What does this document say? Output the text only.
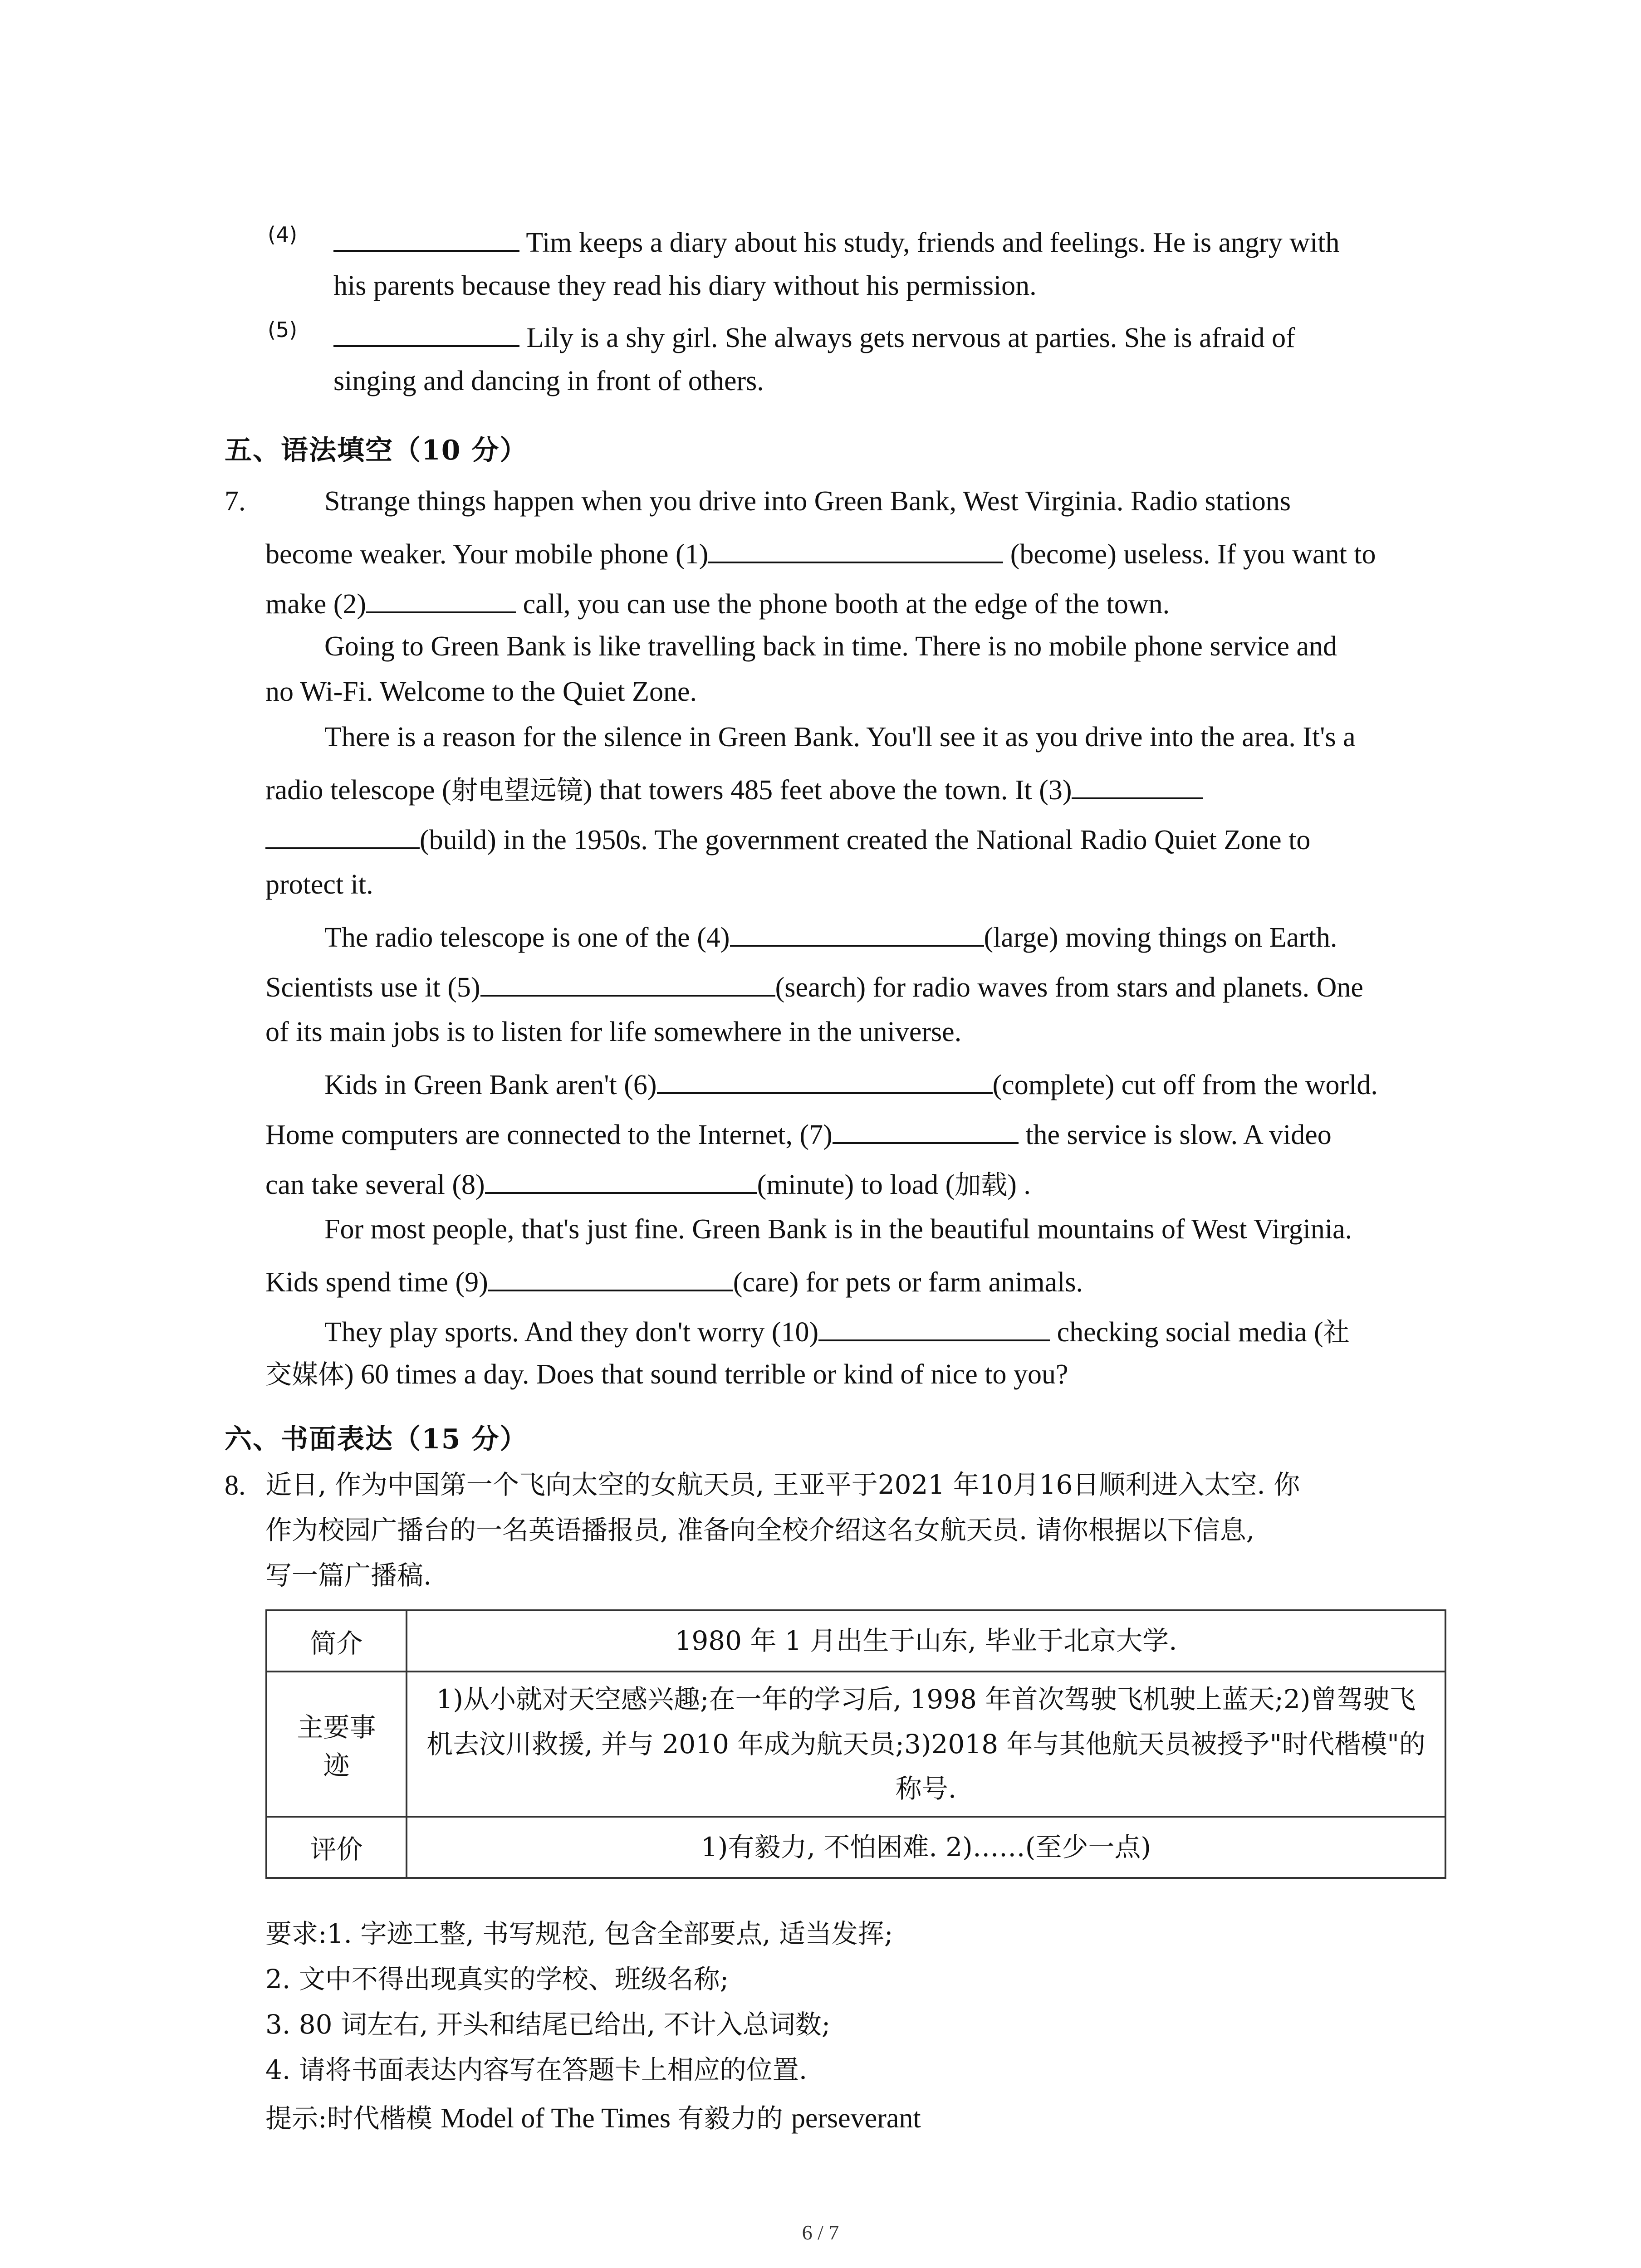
(4)	Tim keeps a diary about his study, friends and feelings. He is angry with
his parents because they read his diary without his permission.
(5)	Lily is a shy girl. She always gets nervous at parties. She is afraid of
singing and dancing in front of others.
五、语法填空（10 分）
7.	Strange things happen when you drive into Green Bank, West Virginia. Radio stations
become weaker. Your mobile phone (1)	(become) useless. If you want to
make (2)	call, you can use the phone booth at the edge of the town.
Going to Green Bank is like travelling back in time. There is no mobile phone service and
no Wi-Fi. Welcome to the Quiet Zone.
There is a reason for the silence in Green Bank. You'll see it as you drive into the area. It's a
radio telescope (射电望远镜) that towers 485 feet above the town. It (3)
(build) in the 1950s. The government created the National Radio Quiet Zone to
protect it.
The radio telescope is one of the (4)	(large) moving things on Earth.
Scientists use it (5)	(search) for radio waves from stars and planets. One
of its main jobs is to listen for life somewhere in the universe.
Kids in Green Bank aren't (6)	(complete) cut off from the world.
Home computers are connected to the Internet, (7)	the service is slow. A video
can take several (8)	(minute) to load (加载) .
For most people, that's just fine. Green Bank is in the beautiful mountains of West Virginia.
Kids spend time (9)	(care) for pets or farm animals.
They play sports. And they don't worry (10)	checking social media (社
交媒体) 60 times a day. Does that sound terrible or kind of nice to you?
六、书面表达（15 分）
8. 近日, 作为中国第一个飞向太空的女航天员, 王亚平于2021 年10月16日顺利进入太空. 你
作为校园广播台的一名英语播报员, 准备向全校介绍这名女航天员. 请你根据以下信息,
写一篇广播稿.
简介	1980 年 1 月出生于山东, 毕业于北京大学.
主要事迹	1)从小就对天空感兴趣;在一年的学习后, 1998 年首次驾驶飞机驶上蓝天;2)曾驾驶飞机去汶川救援, 并与 2010 年成为航天员;3)2018 年与其他航天员被授予"时代楷模"的称号.
评价	1)有毅力, 不怕困难. 2)……(至少一点)
要求:1. 字迹工整, 书写规范, 包含全部要点, 适当发挥;
2. 文中不得出现真实的学校、班级名称;
3. 80 词左右, 开头和结尾已给出, 不计入总词数;
4. 请将书面表达内容写在答题卡上相应的位置.
提示:时代楷模 Model of The Times 有毅力的 perseverant
6 / 7
